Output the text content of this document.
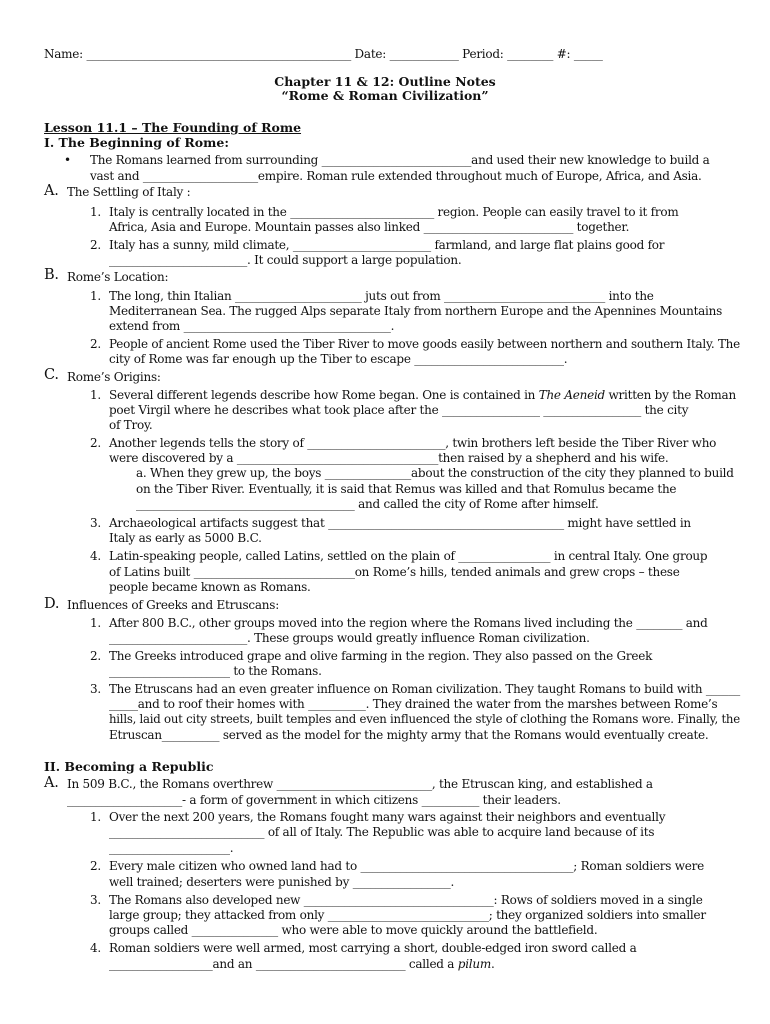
Name: ______________________________________________ Date: ____________ Period: ________ #: _____
Chapter 11 & 12: Outline Notes
“Rome & Roman Civilization”
Lesson 11.1 – The Founding of Rome
I. The Beginning of Rome:
• The Romans learned from surrounding __________________________and used their new knowledge to build a
vast and ____________________empire. Roman rule extended throughout much of Europe, Africa, and Asia.
A. The Settling of Italy :
1. Italy is centrally located in the _________________________ region. People can easily travel to it from
Africa, Asia and Europe. Mountain passes also linked __________________________ together.
2. Italy has a sunny, mild climate, ________________________ farmland, and large flat plains good for
________________________. It could support a large population.
B. Rome’s Location:
1. The long, thin Italian ______________________ juts out from ____________________________ into the
Mediterranean Sea. The rugged Alps separate Italy from northern Europe and the Apennines Mountains
extend from ____________________________________.
2. People of ancient Rome used the Tiber River to move goods easily between northern and southern Italy. The
city of Rome was far enough up the Tiber to escape __________________________.
C. Rome’s Origins:
1. Several different legends describe how Rome began. One is contained in The Aeneid written by the Roman
poet Virgil where he describes what took place after the _________________ _________________ the city
of Troy.
2. Another legends tells the story of ________________________, twin brothers left beside the Tiber River who
were discovered by a ___________________________________then raised by a shepherd and his wife.
a. When they grew up, the boys _______________about the construction of the city they planned to build
on the Tiber River. Eventually, it is said that Remus was killed and that Romulus became the
______________________________________ and called the city of Rome after himself.
3. Archaeological artifacts suggest that _________________________________________ might have settled in
Italy as early as 5000 B.C.
4. Latin-speaking people, called Latins, settled on the plain of ________________ in central Italy. One group
of Latins built ____________________________on Rome’s hills, tended animals and grew crops – these
people became known as Romans.
D. Influences of Greeks and Etruscans:
1. After 800 B.C., other groups moved into the region where the Romans lived including the ________ and
________________________. These groups would greatly influence Roman civilization.
2. The Greeks introduced grape and olive farming in the region. They also passed on the Greek
_____________________ to the Romans.
3. The Etruscans had an even greater influence on Roman civilization. They taught Romans to build with ______
_____and to roof their homes with __________. They drained the water from the marshes between Rome’s
hills, laid out city streets, built temples and even influenced the style of clothing the Romans wore. Finally, the
Etruscan__________ served as the model for the mighty army that the Romans would eventually create.
II. Becoming a Republic
A. In 509 B.C., the Romans overthrew ___________________________, the Etruscan king, and established a
____________________- a form of government in which citizens __________ their leaders.
1. Over the next 200 years, the Romans fought many wars against their neighbors and eventually
___________________________ of all of Italy. The Republic was able to acquire land because of its
_____________________.
2. Every male citizen who owned land had to _____________________________________; Roman soldiers were
well trained; deserters were punished by _________________.
3. The Romans also developed new _________________________________: Rows of soldiers moved in a single
large group; they attacked from only ____________________________; they organized soldiers into smaller
groups called _______________ who were able to move quickly around the battlefield.
4. Roman soldiers were well armed, most carrying a short, double-edged iron sword called a
__________________and an __________________________ called a pilum.
